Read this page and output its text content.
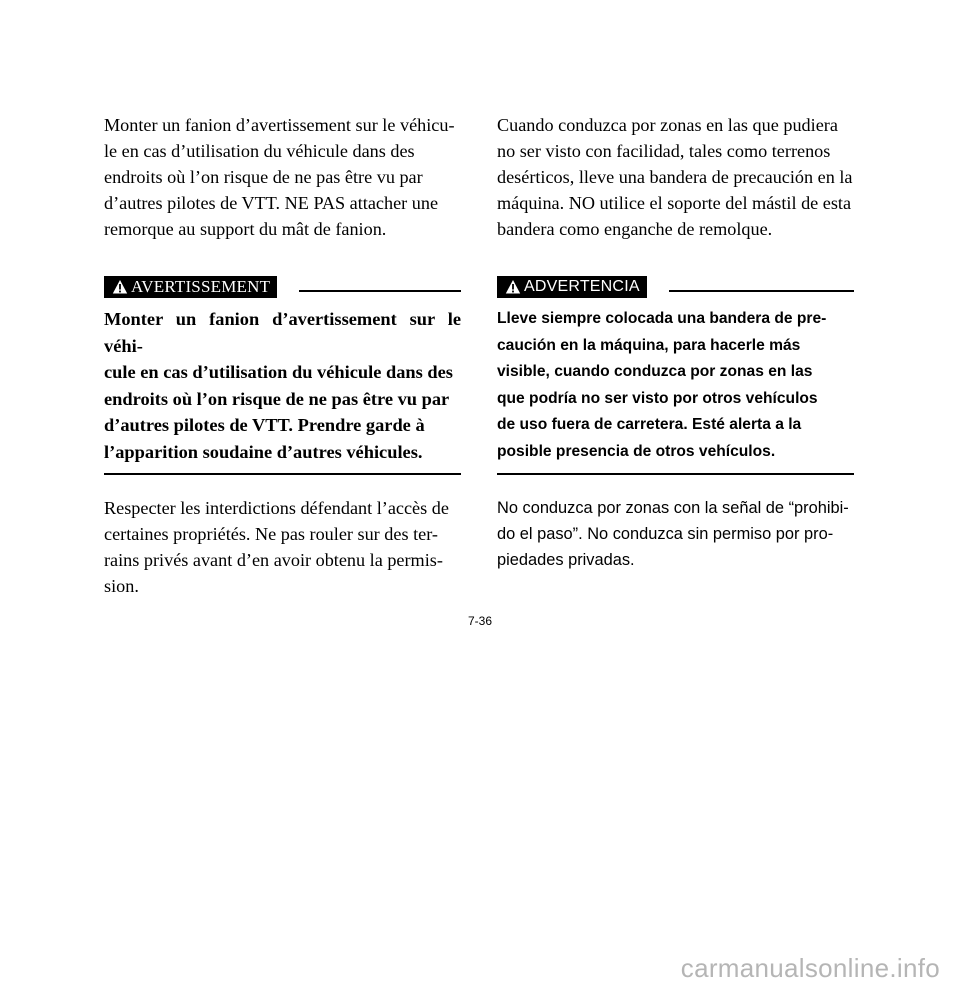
Monter un fanion d’avertissement sur le véhicu-
le en cas d’utilisation du véhicule dans des
endroits où l’on risque de ne pas être vu par
d’autres pilotes de VTT. NE PAS attacher une
remorque au support du mât de fanion.

AVERTISSEMENT

Monter un fanion d’avertissement sur le véhi-
cule en cas d’utilisation du véhicule dans des
endroits où l’on risque de ne pas être vu par
d’autres pilotes de VTT. Prendre garde à
l’apparition soudaine d’autres véhicules.

Respecter les interdictions défendant l’accès de
certaines propriétés. Ne pas rouler sur des ter-
rains privés avant d’en avoir obtenu la permis-
sion.

Cuando conduzca por zonas en las que pudiera
no ser visto con facilidad, tales como terrenos
desérticos, lleve una bandera de precaución en la
máquina. NO utilice el soporte del mástil de esta
bandera como enganche de remolque.

ADVERTENCIA

Lleve siempre colocada una bandera de pre-
caución en la máquina, para hacerle más
visible, cuando conduzca por zonas en las
que podría no ser visto por otros vehículos
de uso fuera de carretera. Esté alerta a la
posible presencia de otros vehículos.

No conduzca por zonas con la señal de “prohibi-
do el paso”. No conduzca sin permiso por pro-
piedades privadas.

7-36
carmanualsonline.info
